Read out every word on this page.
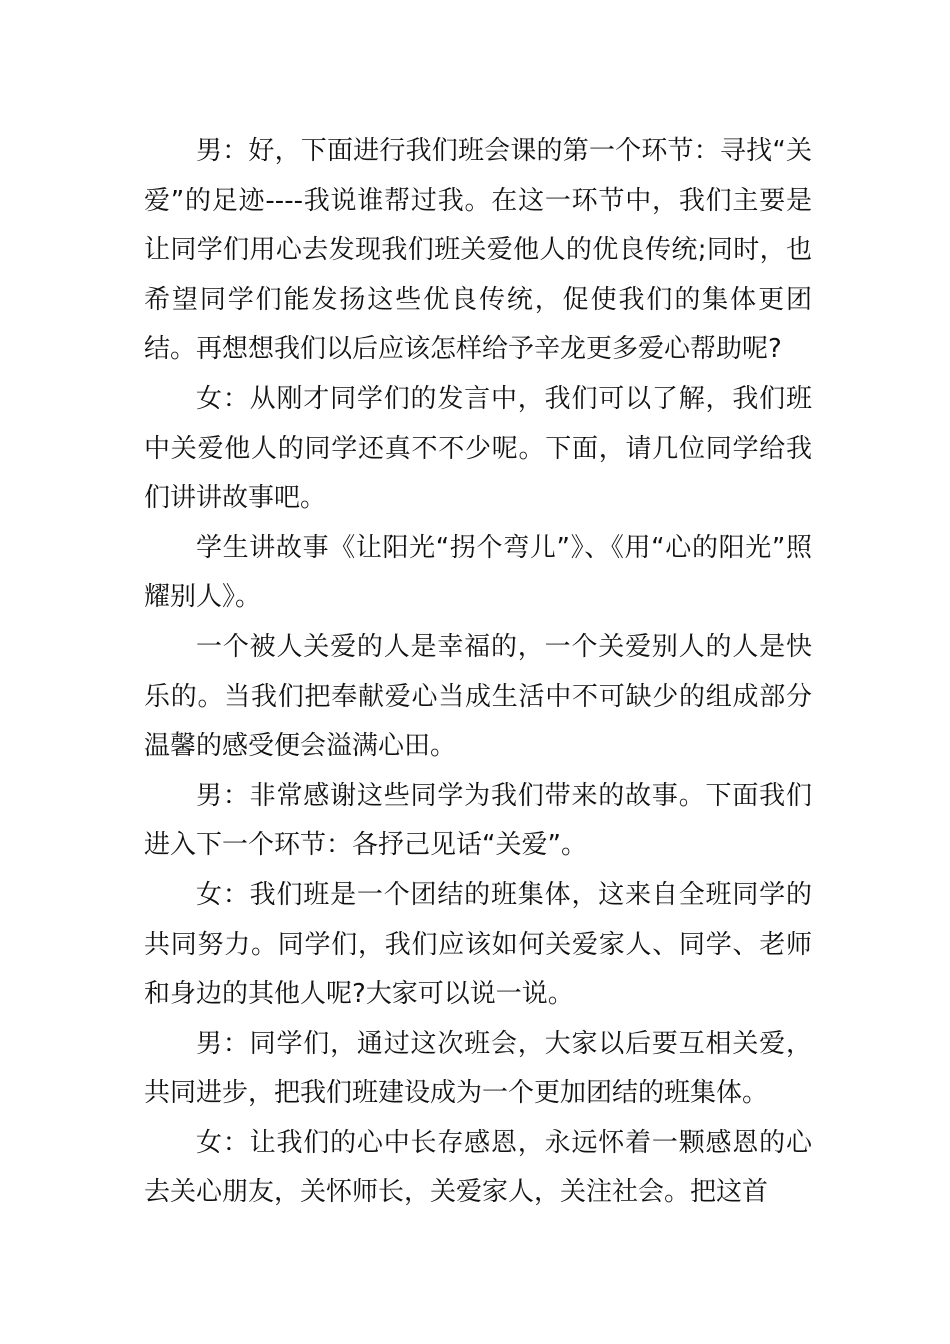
男：好，下面进行我们班会课的第一个环节：寻找“关爱”的足迹----我说谁帮过我。在这一环节中，我们主要是让同学们用心去发现我们班关爱他人的优良传统;同时，也希望同学们能发扬这些优良传统，促使我们的集体更团结。再想想我们以后应该怎样给予辛龙更多爱心帮助呢?

女：从刚才同学们的发言中，我们可以了解，我们班中关爱他人的同学还真不不少呢。下面，请几位同学给我们讲讲故事吧。

学生讲故事《让阳光“拐个弯儿”》、《用“心的阳光”照耀别人》。

一个被人关爱的人是幸福的，一个关爱别人的人是快乐的。当我们把奉献爱心当成生活中不可缺少的组成部分温馨的感受便会溢满心田。

男：非常感谢这些同学为我们带来的故事。下面我们进入下一个环节：各抒己见话“关爱”。

女：我们班是一个团结的班集体，这来自全班同学的共同努力。同学们，我们应该如何关爱家人、同学、老师和身边的其他人呢?大家可以说一说。

男：同学们，通过这次班会，大家以后要互相关爱，共同进步，把我们班建设成为一个更加团结的班集体。

女：让我们的心中长存感恩，永远怀着一颗感恩的心去关心朋友，关怀师长，关爱家人，关注社会。把这首
